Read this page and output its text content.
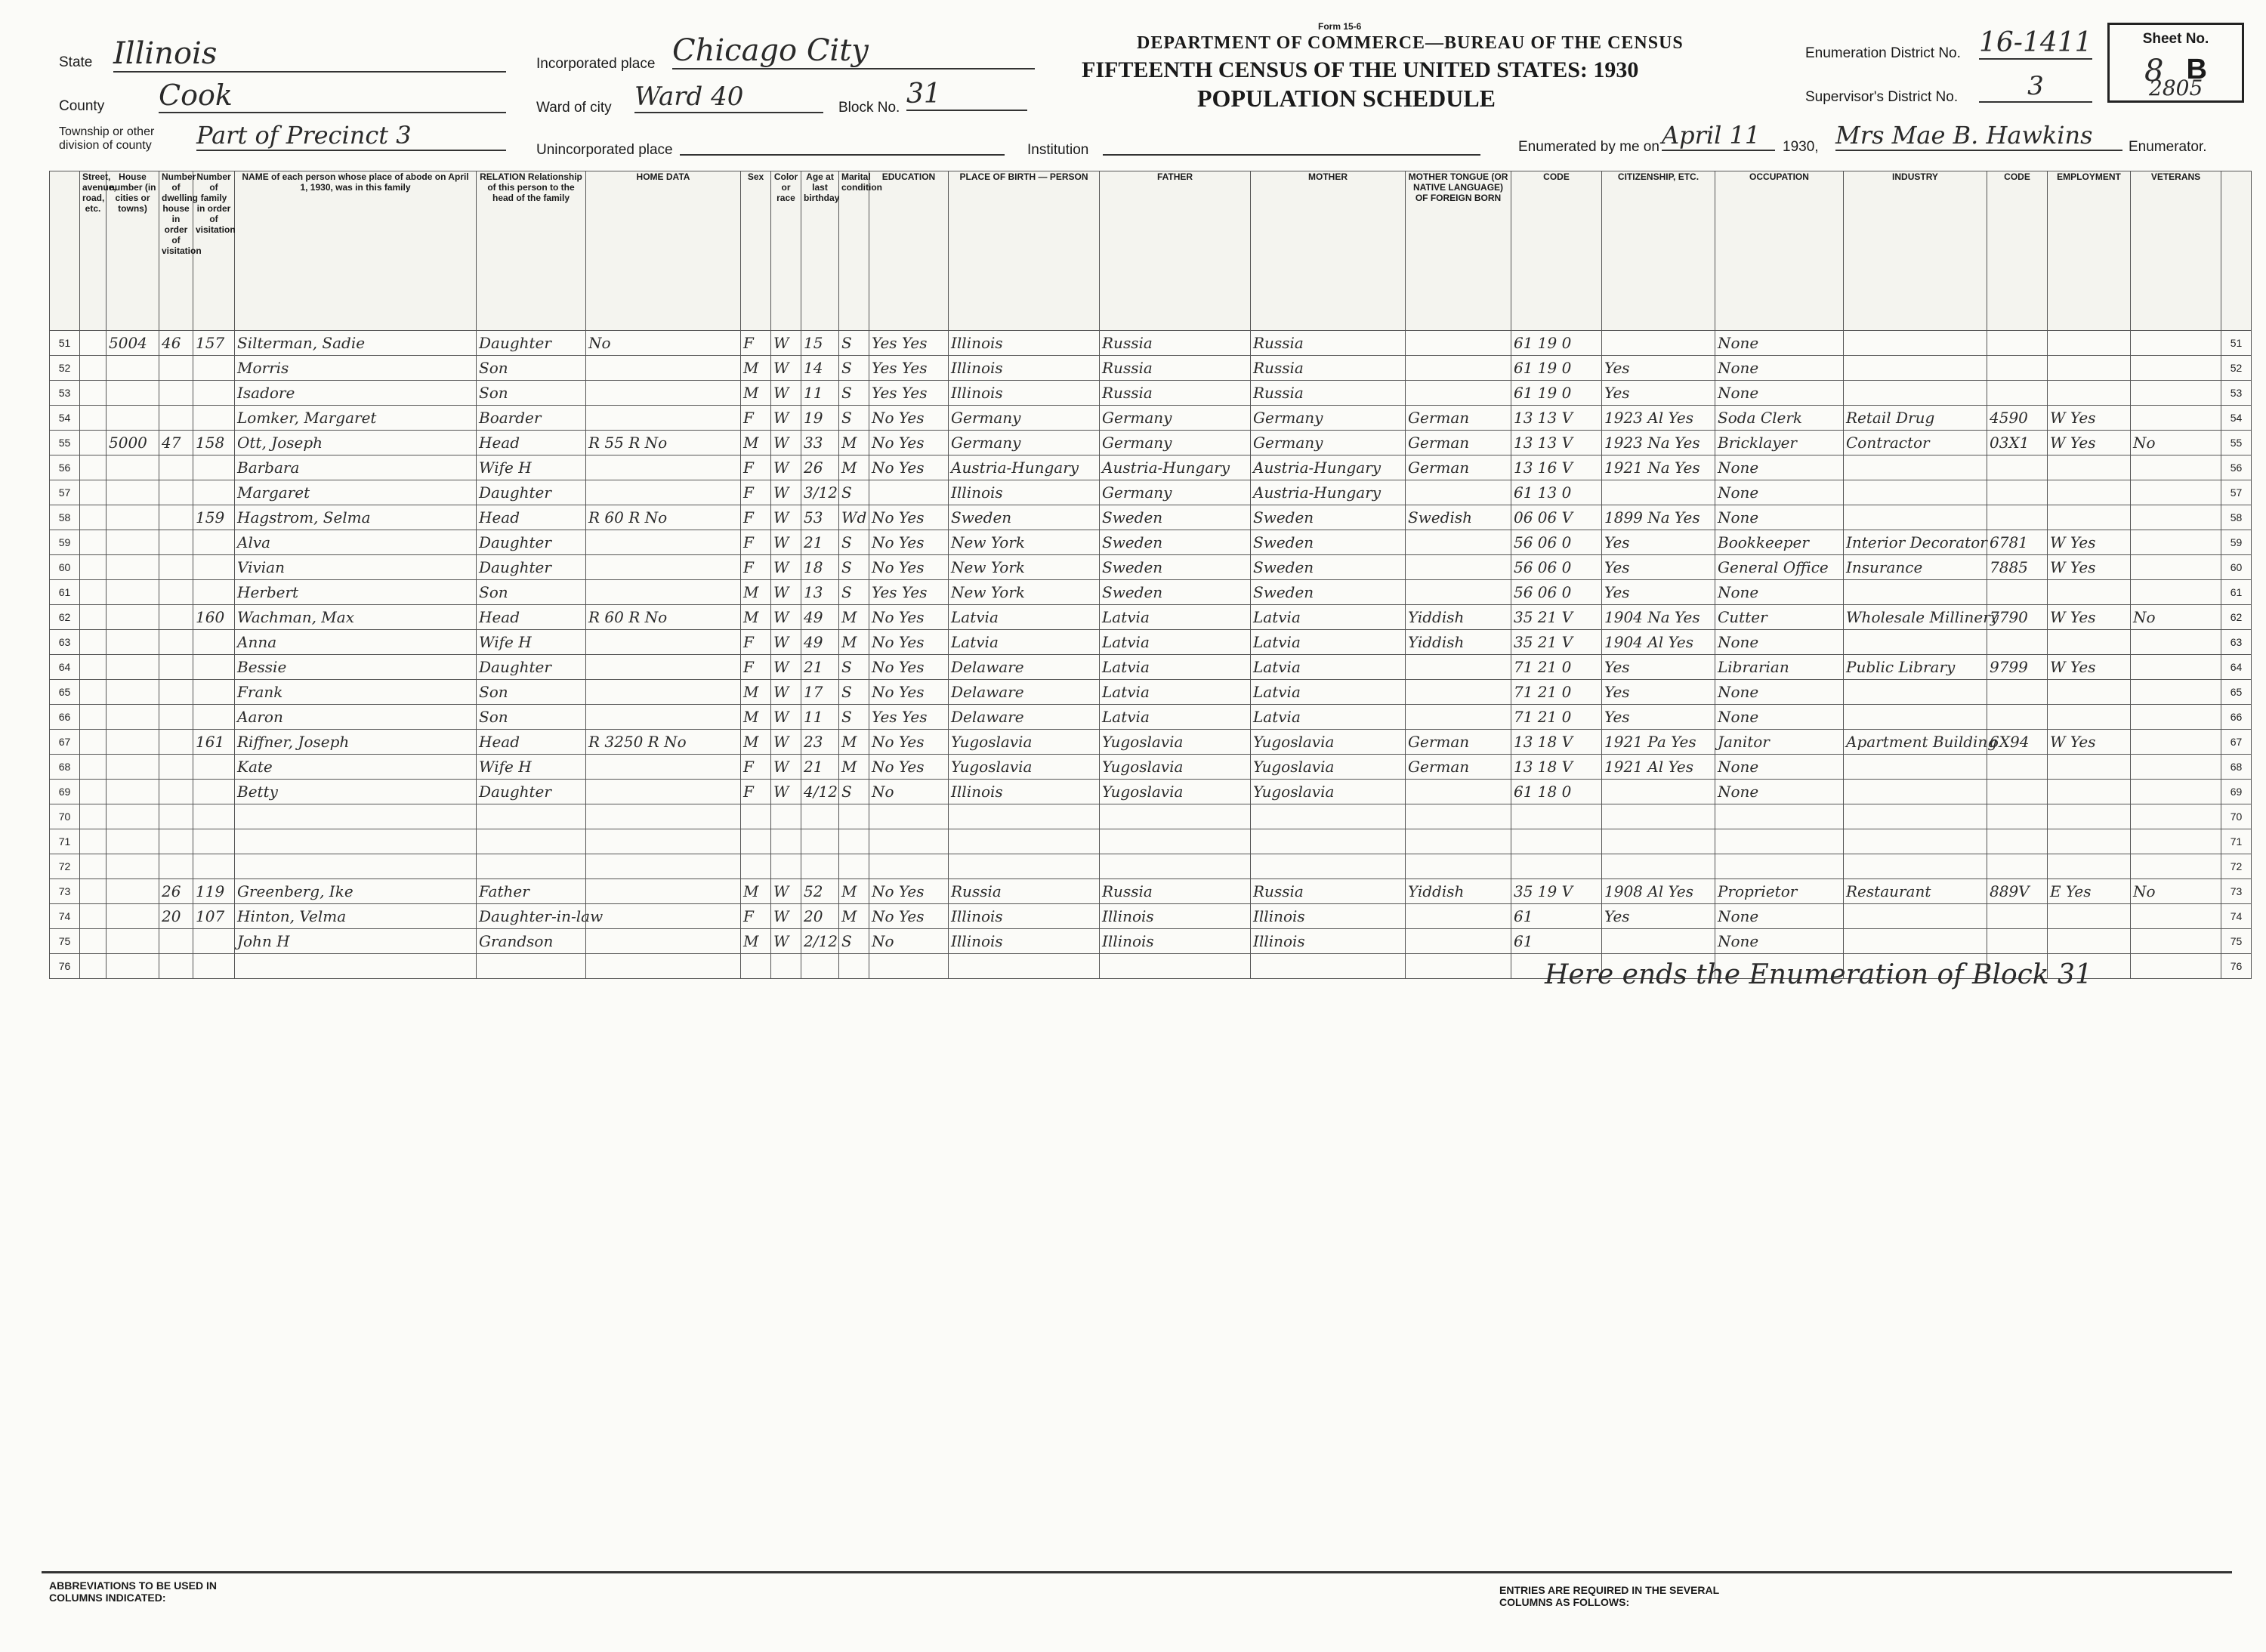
Form 15-6
DEPARTMENT OF COMMERCE—BUREAU OF THE CENSUS
FIFTEENTH CENSUS OF THE UNITED STATES: 1930
POPULATION SCHEDULE
State Illinois
County Cook
Township or other division of county	Part of Precinct 3
Incorporated place Chicago City
Ward of city Ward 40	Block No. 31
Unincorporated place	Institution
Enumeration District No. 16-1411
Supervisor's District No.	3
Sheet No.
8 B
Enumerated by me on April 11	1930, Mrs Mae B. Hawkins	Enumerator.
2805
	Street, avenue, road, etc.	House number (in cities or towns)	Number of dwelling house in order of visitation	Number of family in order of visitation	NAME of each person whose place of abode on April 1, 1930, was in this family	RELATION Relationship of this person to the head of the family	HOME DATA	Sex	Color or race	Age at last birthday	Marital condition	EDUCATION	PLACE OF BIRTH — PERSON	FATHER	MOTHER	MOTHER TONGUE (OR NATIVE LANGUAGE) OF FOREIGN BORN	CODE	CITIZENSHIP, ETC.	OCCUPATION	INDUSTRY	CODE	EMPLOYMENT	VETERANS	
51		5004	46	157	Silterman, Sadie	Daughter	No	F	W	15	S	Yes Yes	Illinois	Russia	Russia		61 19 0		None					51
52					Morris	Son		M	W	14	S	Yes Yes	Illinois	Russia	Russia		61 19 0	Yes	None					52
53					Isadore	Son		M	W	11	S	Yes Yes	Illinois	Russia	Russia		61 19 0	Yes	None					53
54					Lomker, Margaret	Boarder		F	W	19	S	No Yes	Germany	Germany	Germany	German	13 13 V	1923 Al Yes	Soda Clerk	Retail Drug	4590	W Yes		54
55		5000	47	158	Ott, Joseph	Head	R 55 R No	M	W	33	M	No Yes	Germany	Germany	Germany	German	13 13 V	1923 Na Yes	Bricklayer	Contractor	03X1	W Yes	No	55
56					Barbara	Wife H		F	W	26	M	No Yes	Austria-Hungary	Austria-Hungary	Austria-Hungary	German	13 16 V	1921 Na Yes	None					56
57					Margaret	Daughter		F	W	3/12	S		Illinois	Germany	Austria-Hungary		61 13 0		None					57
58				159	Hagstrom, Selma	Head	R 60 R No	F	W	53	Wd	No Yes	Sweden	Sweden	Sweden	Swedish	06 06 V	1899 Na Yes	None					58
59					Alva	Daughter		F	W	21	S	No Yes	New York	Sweden	Sweden		56 06 0	Yes	Bookkeeper	Interior Decorator	6781	W Yes		59
60					Vivian	Daughter		F	W	18	S	No Yes	New York	Sweden	Sweden		56 06 0	Yes	General Office	Insurance	7885	W Yes		60
61					Herbert	Son		M	W	13	S	Yes Yes	New York	Sweden	Sweden		56 06 0	Yes	None					61
62				160	Wachman, Max	Head	R 60 R No	M	W	49	M	No Yes	Latvia	Latvia	Latvia	Yiddish	35 21 V	1904 Na Yes	Cutter	Wholesale Millinery	7790	W Yes	No	62
63					Anna	Wife H		F	W	49	M	No Yes	Latvia	Latvia	Latvia	Yiddish	35 21 V	1904 Al Yes	None					63
64					Bessie	Daughter		F	W	21	S	No Yes	Delaware	Latvia	Latvia		71 21 0	Yes	Librarian	Public Library	9799	W Yes		64
65					Frank	Son		M	W	17	S	No Yes	Delaware	Latvia	Latvia		71 21 0	Yes	None					65
66					Aaron	Son		M	W	11	S	Yes Yes	Delaware	Latvia	Latvia		71 21 0	Yes	None					66
67				161	Riffner, Joseph	Head	R 3250 R No	M	W	23	M	No Yes	Yugoslavia	Yugoslavia	Yugoslavia	German	13 18 V	1921 Pa Yes	Janitor	Apartment Building	6X94	W Yes		67
68					Kate	Wife H		F	W	21	M	No Yes	Yugoslavia	Yugoslavia	Yugoslavia	German	13 18 V	1921 Al Yes	None					68
69					Betty	Daughter		F	W	4/12	S	No	Illinois	Yugoslavia	Yugoslavia		61 18 0		None					69
70																								70
71																								71
72																								72
73			26	119	Greenberg, Ike	Father		M	W	52	M	No Yes	Russia	Russia	Russia	Yiddish	35 19 V	1908 Al Yes	Proprietor	Restaurant	889V	E Yes	No	73
74			20	107	Hinton, Velma	Daughter-in-law		F	W	20	M	No Yes	Illinois	Illinois	Illinois		61	Yes	None					74
75					John H	Grandson		M	W	2/12	S	No	Illinois	Illinois	Illinois		61		None					75
76																								76
Here ends the Enumeration of Block 31
ABBREVIATIONS TO BE USED IN COLUMNS INDICATED:
ENTRIES ARE REQUIRED IN THE SEVERAL COLUMNS AS FOLLOWS:
